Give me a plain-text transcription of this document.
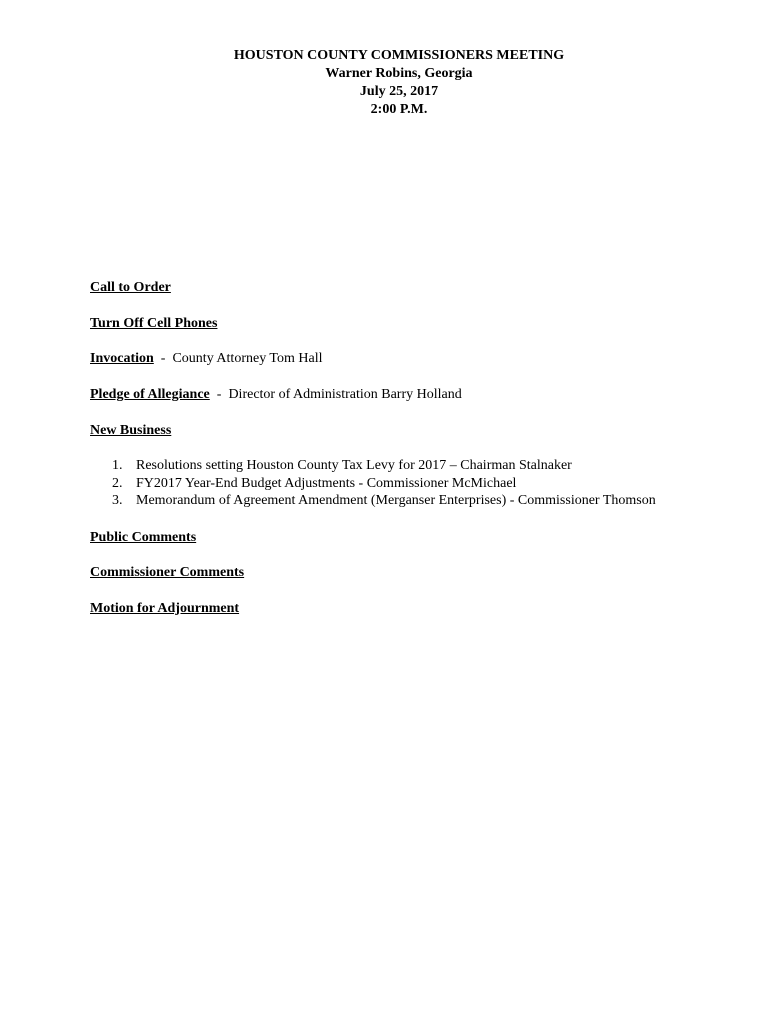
HOUSTON COUNTY COMMISSIONERS MEETING
Warner Robins, Georgia
July 25, 2017
2:00 P.M.
Call to Order
Turn Off Cell Phones
Invocation  -  County Attorney Tom Hall
Pledge of Allegiance  -  Director of Administration Barry Holland
New Business
1. Resolutions setting Houston County Tax Levy for 2017 – Chairman Stalnaker
2. FY2017 Year-End Budget Adjustments - Commissioner McMichael
3. Memorandum of Agreement Amendment (Merganser Enterprises) - Commissioner Thomson
Public Comments
Commissioner Comments
Motion for Adjournment
